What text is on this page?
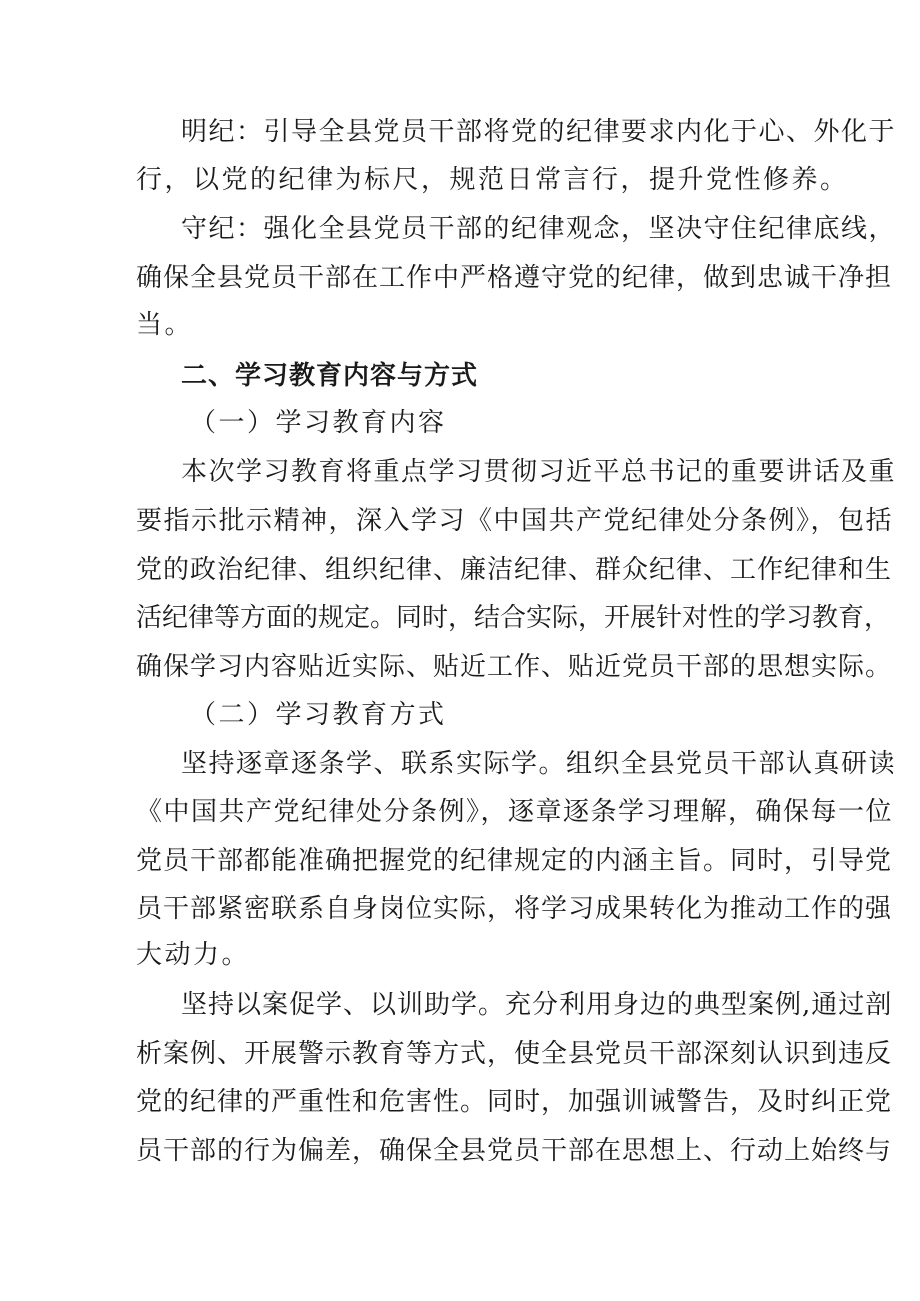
明纪：引导全县党员干部将党的纪律要求内化于心、外化于
行，以党的纪律为标尺，规范日常言行，提升党性修养。
守纪：强化全县党员干部的纪律观念，坚决守住纪律底线，
确保全县党员干部在工作中严格遵守党的纪律，做到忠诚干净担
当。
二、学习教育内容与方式
（一）学习教育内容
本次学习教育将重点学习贯彻习近平总书记的重要讲话及重
要指示批示精神，深入学习《中国共产党纪律处分条例》，包括
党的政治纪律、组织纪律、廉洁纪律、群众纪律、工作纪律和生
活纪律等方面的规定。同时，结合实际，开展针对性的学习教育，
确保学习内容贴近实际、贴近工作、贴近党员干部的思想实际。
（二）学习教育方式
坚持逐章逐条学、联系实际学。组织全县党员干部认真研读
《中国共产党纪律处分条例》，逐章逐条学习理解，确保每一位
党员干部都能准确把握党的纪律规定的内涵主旨。同时，引导党
员干部紧密联系自身岗位实际，将学习成果转化为推动工作的强
大动力。
坚持以案促学、以训助学。充分利用身边的典型案例,通过剖
析案例、开展警示教育等方式，使全县党员干部深刻认识到违反
党的纪律的严重性和危害性。同时，加强训诫警告，及时纠正党
员干部的行为偏差，确保全县党员干部在思想上、行动上始终与
